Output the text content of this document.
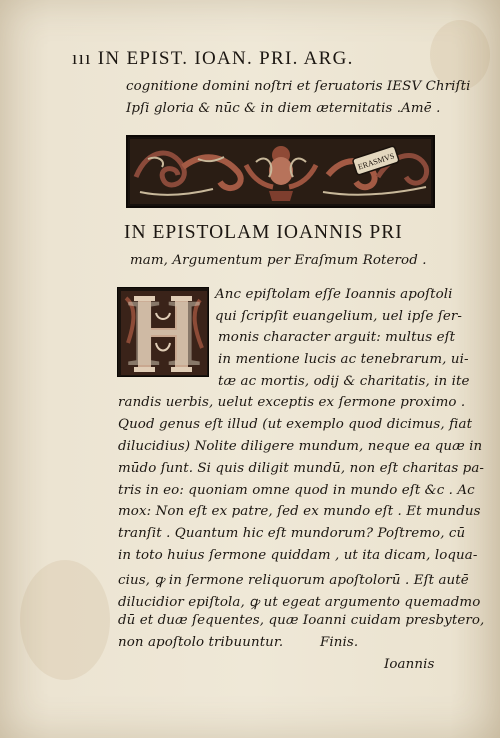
ııı IN EPIST. IOAN. PRI. ARG.
cognitione domini noſtri et ſeruatoris IESV Chriſti
Ipſi gloria & nūc & in diem æternitatis .Amē .
ERASMVS
IN EPISTOLAM IOANNIS PRI
mam, Argumentum per Eraſmum Roterod .
H	Anc epiſtolam eſſe Ioannis apoſtoli
qui ſcripſit euangelium, uel ipſe ſer-
monis character arguit: multus eſt
in mentione lucis ac tenebrarum, ui-
tæ ac mortis, odij & charitatis, in ite
randis uerbis, uelut exceptis ex ſermone proximo .
Quod genus eſt illud (ut exemplo quod dicimus, fiat
dilucidius) Nolite diligere mundum, neque ea quæ in
mūdo ſunt. Si quis diligit mundū, non eſt charitas pa-
tris in eo: quoniam omne quod in mundo eſt &c . Ac
mox: Non eſt ex patre, ſed ex mundo eſt . Et mundus
tranſit . Quantum hic eſt mundorum? Poſtremo, cū
in toto huius ſermone quiddam , ut ita dicam, loqua-
cius, ꝙ in ſermone reliquorum apoſtolorū . Eſt autē
dilucidior epiſtola, ꝙ ut egeat argumento quemadmo
dū et duæ ſequentes, quæ Ioanni cuidam presbytero,
non apoſtolo tribuuntur.	Finis.
Ioannis
